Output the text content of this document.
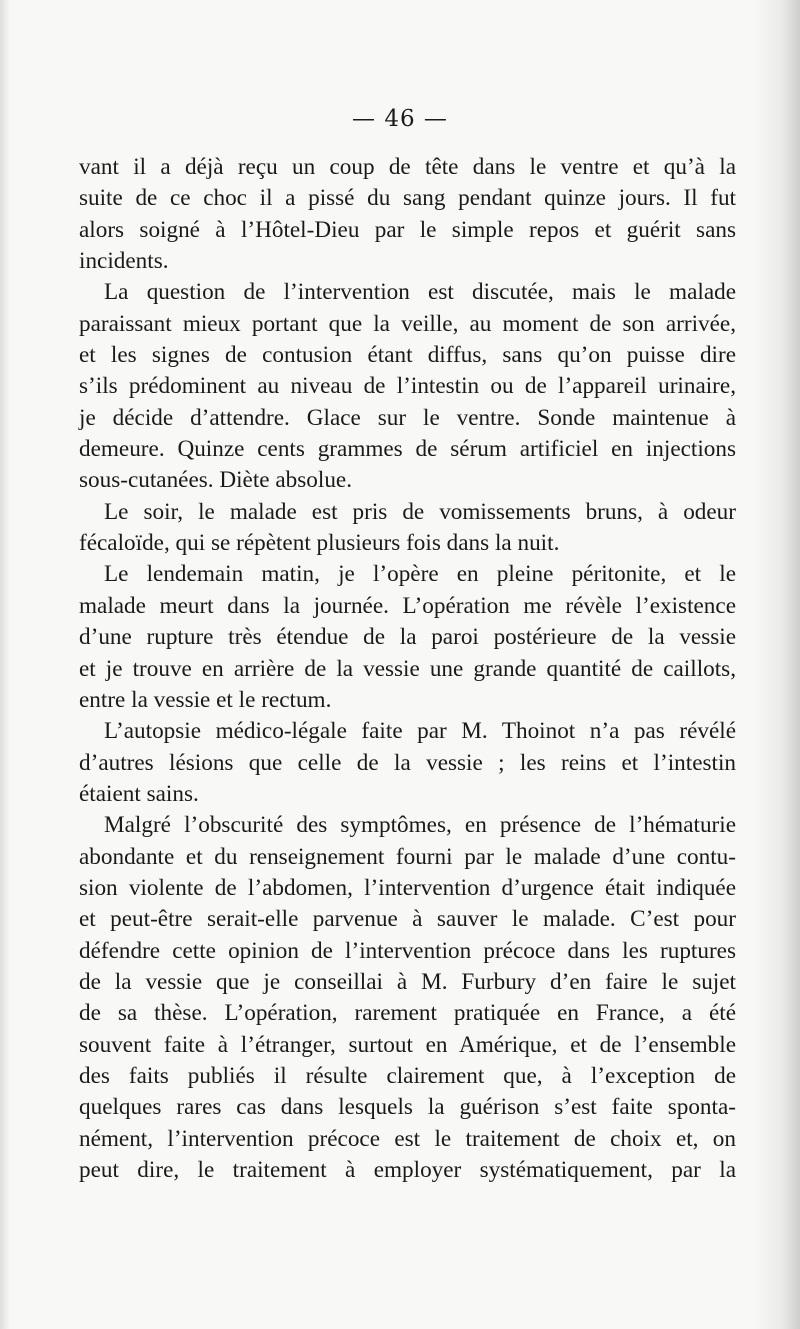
— 46 —

vant il a déjà reçu un coup de tête dans le ventre et qu’à la
suite de ce choc il a pissé du sang pendant quinze jours. Il fut
alors soigné à l’Hôtel-Dieu par le simple repos et guérit sans
incidents.

La question de l’intervention est discutée, mais le malade
paraissant mieux portant que la veille, au moment de son arrivée,
et les signes de contusion étant diffus, sans qu’on puisse dire
s’ils prédominent au niveau de l’intestin ou de l’appareil urinaire,
je décide d’attendre. Glace sur le ventre. Sonde maintenue à
demeure. Quinze cents grammes de sérum artificiel en injections
sous-cutanées. Diète absolue.

Le soir, le malade est pris de vomissements bruns, à odeur
fécaloïde, qui se répètent plusieurs fois dans la nuit.

Le lendemain matin, je l’opère en pleine péritonite, et le
malade meurt dans la journée. L’opération me révèle l’existence
d’une rupture très étendue de la paroi postérieure de la vessie
et je trouve en arrière de la vessie une grande quantité de caillots,
entre la vessie et le rectum.

L’autopsie médico-légale faite par M. Thoinot n’a pas révélé
d’autres lésions que celle de la vessie ; les reins et l’intestin
étaient sains.

Malgré l’obscurité des symptômes, en présence de l’hématurie
abondante et du renseignement fourni par le malade d’une contu-
sion violente de l’abdomen, l’intervention d’urgence était indiquée
et peut-être serait-elle parvenue à sauver le malade. C’est pour
défendre cette opinion de l’intervention précoce dans les ruptures
de la vessie que je conseillai à M. Furbury d’en faire le sujet
de sa thèse. L’opération, rarement pratiquée en France, a été
souvent faite à l’étranger, surtout en Amérique, et de l’ensemble
des faits publiés il résulte clairement que, à l’exception de
quelques rares cas dans lesquels la guérison s’est faite sponta-
nément, l’intervention précoce est le traitement de choix et, on
peut dire, le traitement à employer systématiquement, par la
